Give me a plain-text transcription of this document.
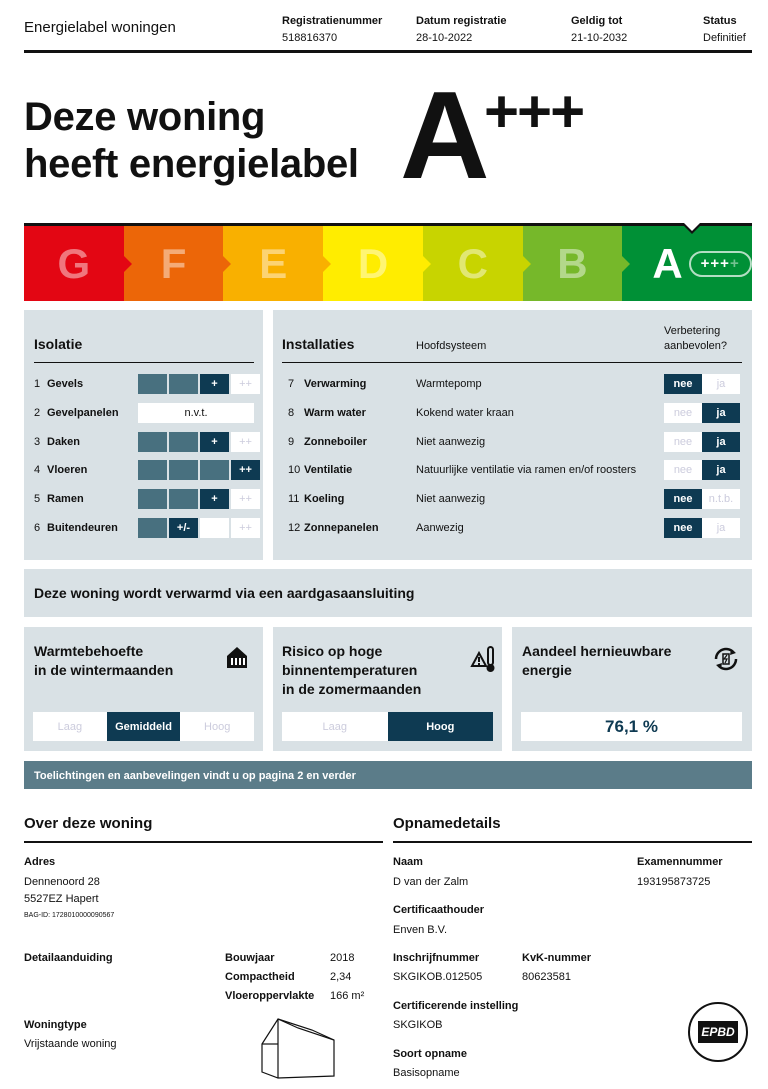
Energielabel woningen	Registratienummer
518816370
Datum registratie
28-10-2022
Geldig tot
21-10-2032
Status
Definitief
Deze woning
heeft energielabel A
+++
G F E D C B A +++ +
Isolatie
1 Gevels	+	++
2 Gevelpanelen	n.v.t.
3 Daken	+	++
4 Vloeren	++
5 Ramen	+	++
6 Buitendeuren	+/-	++
Installaties	Hoofdsysteem
Verbetering
aanbevolen?
7 Verwarming	Warmtepomp	nee	ja
8 Warm water	Kokend water kraan	nee	ja
9 Zonneboiler	Niet aanwezig	nee	ja
10 Ventilatie	Natuurlijke ventilatie via ramen en/of roosters	nee	ja
11 Koeling	Niet aanwezig	nee	n.t.b.
12 Zonnepanelen	Aanwezig	nee	ja
Deze woning wordt verwarmd via een aardgasaansluiting
Warmtebehoefte
in de wintermaanden
Laag	Gemiddeld	Hoog
Risico op hoge
binnentemperaturen
in de zomermaanden
Laag	Hoog
Aandeel hernieuwbare
energie
76,1 %
Toelichtingen en aanbevelingen vindt u op pagina 2 en verder
Over deze woning
Adres
Dennenoord 28
5527EZ Hapert
BAG-ID: 1728010000090567
Detailaanduiding	Bouwjaar	2018
Compactheid	2,34
Vloeroppervlakte 166 m²
Woningtype
Vrijstaande woning
Opnamedetails
Naam
D van der Zalm
Examennummer
193195873725
Certificaathouder
Enven B.V.
Inschrijfnummer
SKGIKOB.012505
KvK-nummer
80623581
Certificerende instelling
SKGIKOB
Soort opname
Basisopname
EPBD
